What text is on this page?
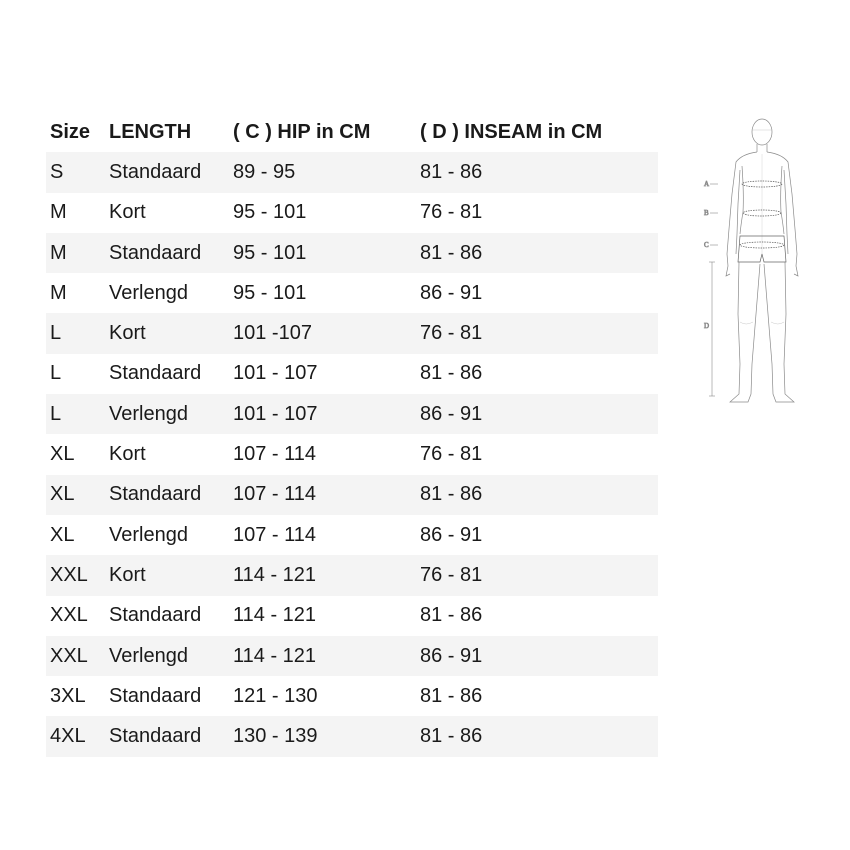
Size LENGTH	( C ) HIP in CM	( D ) INSEAM in CM
S	Standaard	89 - 95	81 - 86
M	Kort	95 - 101	76 - 81
M	Standaard	95 - 101	81 - 86
M	Verlengd	95 - 101	86 - 91
L	Kort	101 -107	76 - 81
L	Standaard	101 - 107	81 - 86
L	Verlengd	101 - 107	86 - 91
XL	Kort	107 - 114	76 - 81
XL	Standaard	107 - 114	81 - 86
XL	Verlengd	107 - 114	86 - 91
XXL	Kort	114 - 121	76 - 81
XXL	Standaard	114 - 121	81 - 86
XXL	Verlengd	114 - 121	86 - 91
3XL	Standaard	121 - 130	81 - 86
4XL	Standaard	130 - 139	81 - 86
A
B
C
D
